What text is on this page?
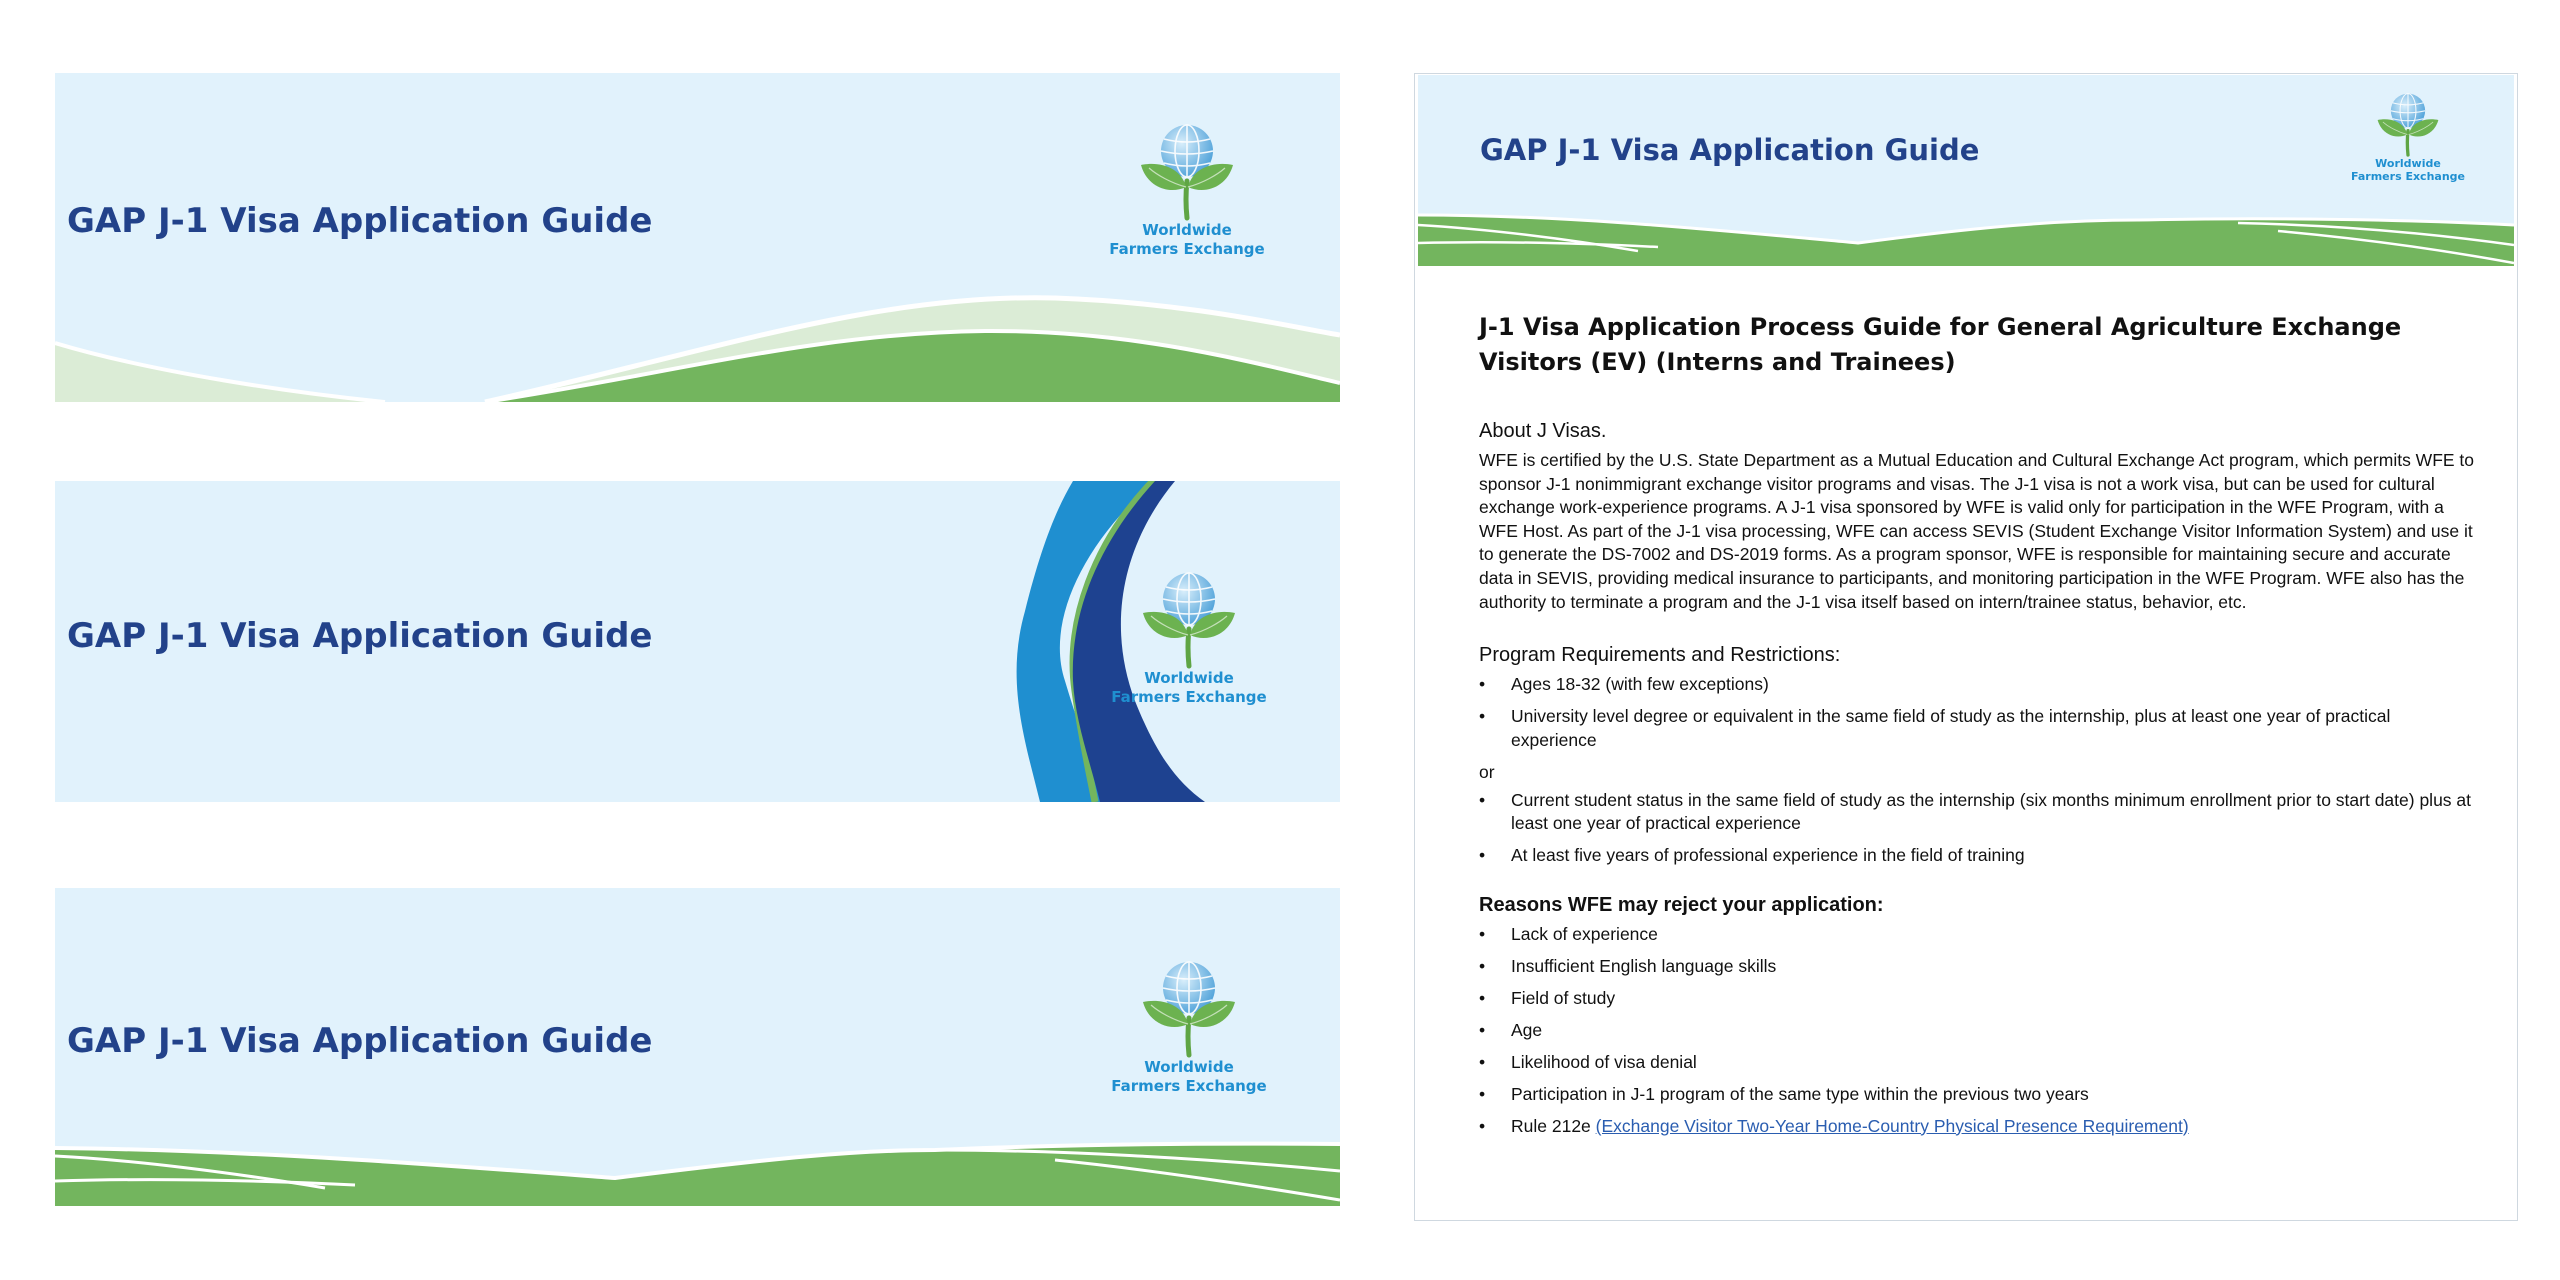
GAP J-1 Visa Application Guide	Worldwide
Farmers Exchange
GAP J-1 Visa Application Guide
Worldwide
Farmers Exchange
GAP J-1 Visa Application Guide
Worldwide
Farmers Exchange
GAP J-1 Visa Application Guide	Worldwide
Farmers Exchange
J-1 Visa Application Process Guide for General Agriculture Exchange Visitors (EV) (Interns and Trainees)
About J Visas.

WFE is certified by the U.S. State Department as a Mutual Education and Cultural Exchange Act program, which permits WFE to sponsor J-1 nonimmigrant exchange visitor programs and visas. The J-1 visa is not a work visa, but can be used for cultural exchange work-experience programs. A J-1 visa sponsored by WFE is valid only for participation in the WFE Program, with a WFE Host. As part of the J-1 visa processing, WFE can access SEVIS (Student Exchange Visitor Information System) and use it to generate the DS-7002 and DS-2019 forms. As a program sponsor, WFE is responsible for maintaining secure and accurate data in SEVIS, providing medical insurance to participants, and monitoring participation in the WFE Program. WFE also has the authority to terminate a program and the J-1 visa itself based on intern/trainee status, behavior, etc.

Program Requirements and Restrictions:
• Ages 18-32 (with few exceptions)
• University level degree or equivalent in the same field of study as the internship, plus at least one year of practical experience

or

• Current student status in the same field of study as the internship (six months minimum enrollment prior to start date) plus at least one year of practical experience
• At least five years of professional experience in the field of training
Reasons WFE may reject your application:
• Lack of experience
• Insufficient English language skills
• Field of study
• Age
• Likelihood of visa denial
• Participation in J-1 program of the same type within the previous two years
• Rule 212e (Exchange Visitor Two-Year Home-Country Physical Presence Requirement)
